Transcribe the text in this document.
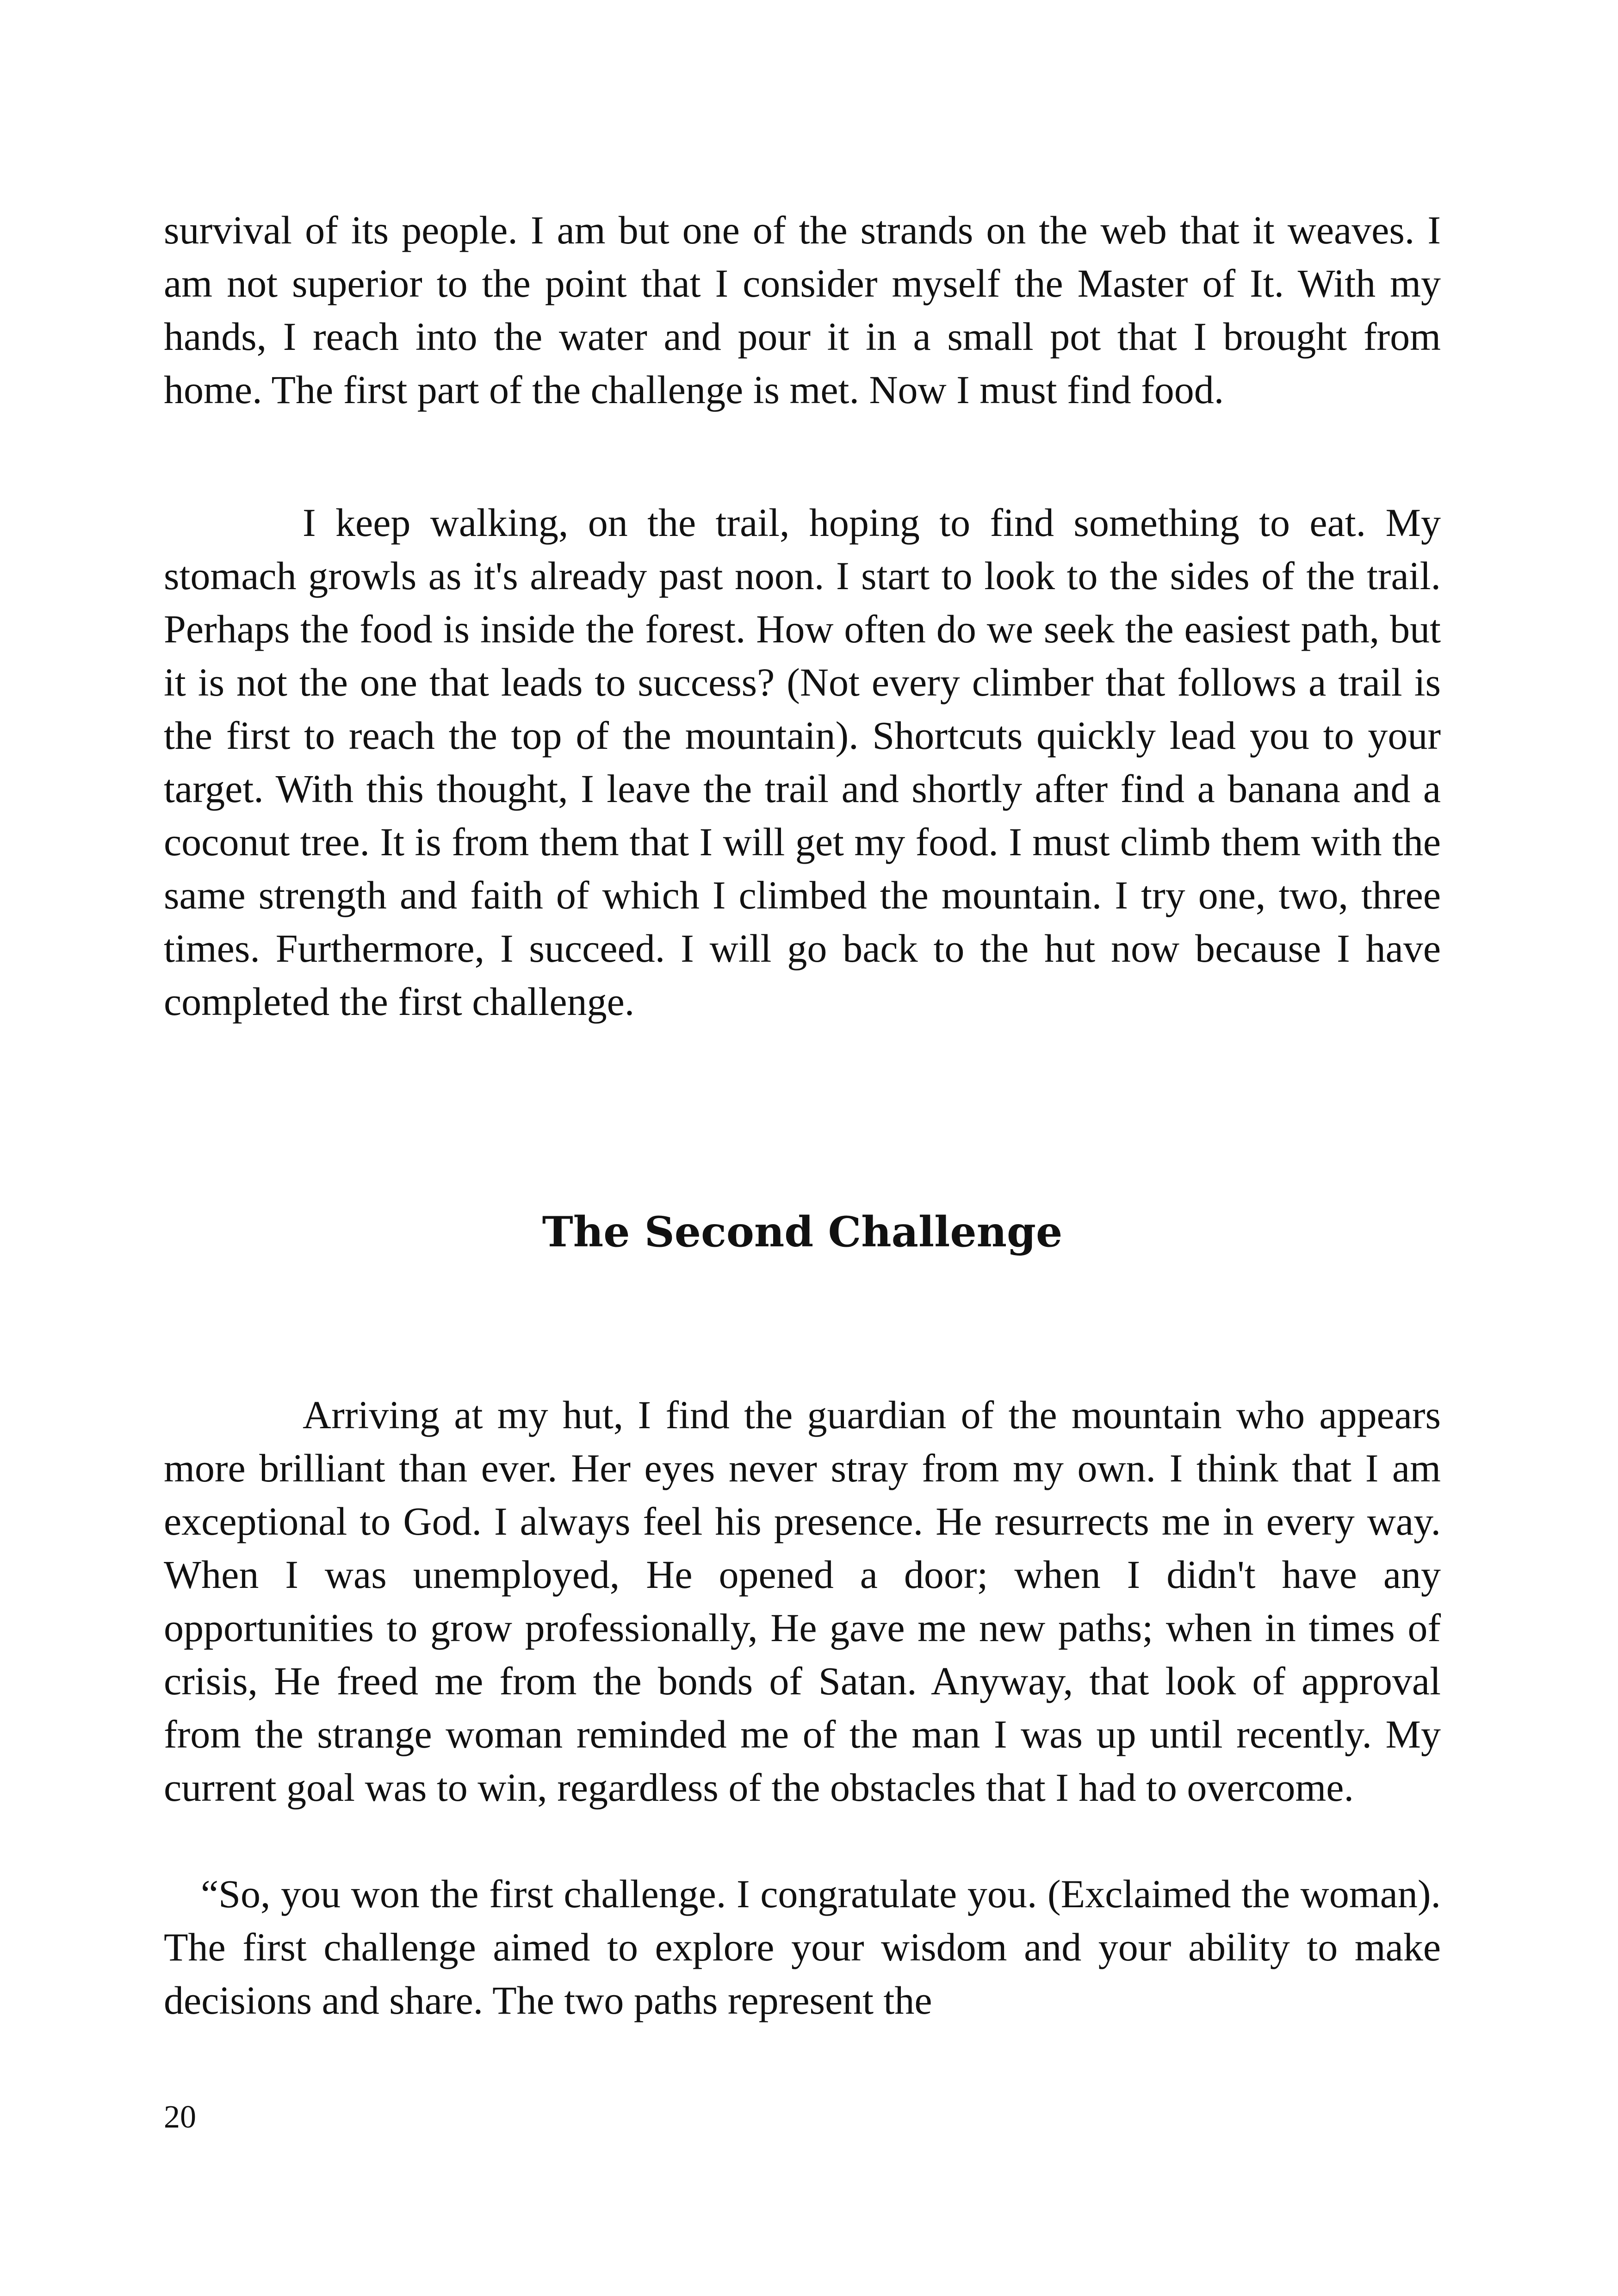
survival of its people. I am but one of the strands on the web that it weaves. I am not superior to the point that I consider myself the Master of It. With my hands, I reach into the water and pour it in a small pot that I brought from home. The first part of the challenge is met. Now I must find food.

I keep walking, on the trail, hoping to find something to eat. My stomach growls as it's already past noon. I start to look to the sides of the trail. Perhaps the food is inside the forest. How often do we seek the easiest path, but it is not the one that leads to success? (Not every climber that follows a trail is the first to reach the top of the mountain). Shortcuts quickly lead you to your target. With this thought, I leave the trail and shortly after find a banana and a coconut tree. It is from them that I will get my food. I must climb them with the same strength and faith of which I climbed the mountain. I try one, two, three times. Furthermore, I succeed. I will go back to the hut now because I have completed the first challenge.

The Second Challenge

Arriving at my hut, I find the guardian of the mountain who appears more brilliant than ever. Her eyes never stray from my own. I think that I am exceptional to God. I always feel his presence. He resurrects me in every way. When I was unemployed, He opened a door; when I didn't have any opportunities to grow professionally, He gave me new paths; when in times of crisis, He freed me from the bonds of Satan. Anyway, that look of approval from the strange woman reminded me of the man I was up until recently. My current goal was to win, regardless of the obstacles that I had to overcome.

“So, you won the first challenge. I congratulate you. (Exclaimed the woman). The first challenge aimed to explore your wisdom and your ability to make decisions and share. The two paths represent the

20
